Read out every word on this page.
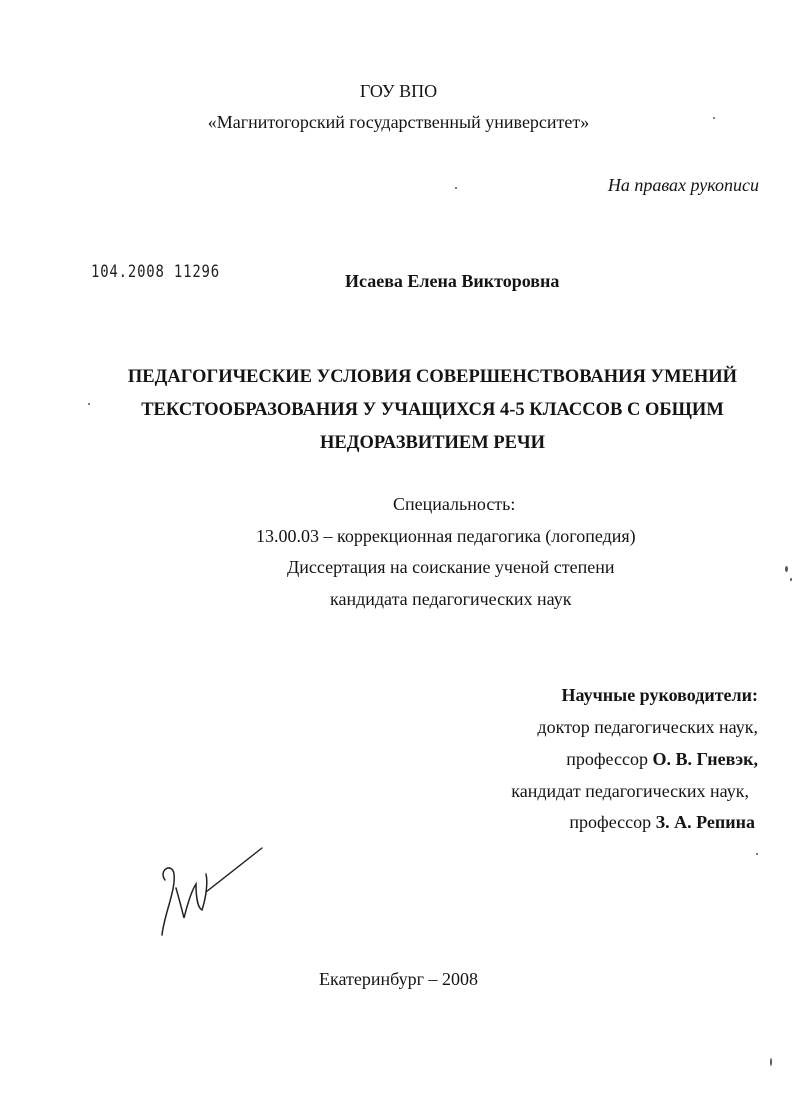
ГОУ ВПО
«Магнитогорский государственный университет»
На правах рукописи
104.2008 11296	Исаева Елена Викторовна
ПЕДАГОГИЧЕСКИЕ УСЛОВИЯ СОВЕРШЕНСТВОВАНИЯ УМЕНИЙ
ТЕКСТООБРАЗОВАНИЯ У УЧАЩИХСЯ 4-5 КЛАССОВ С ОБЩИМ
НЕДОРАЗВИТИЕМ РЕЧИ
Специальность:
13.00.03 – коррекционная педагогика (логопедия)
Диссертация на соискание ученой степени
кандидата педагогических наук
Научные руководители:
доктор педагогических наук,
профессор О. В. Гневэк,
кандидат педагогических наук,
профессор З. А. Репина
Екатеринбург – 2008
